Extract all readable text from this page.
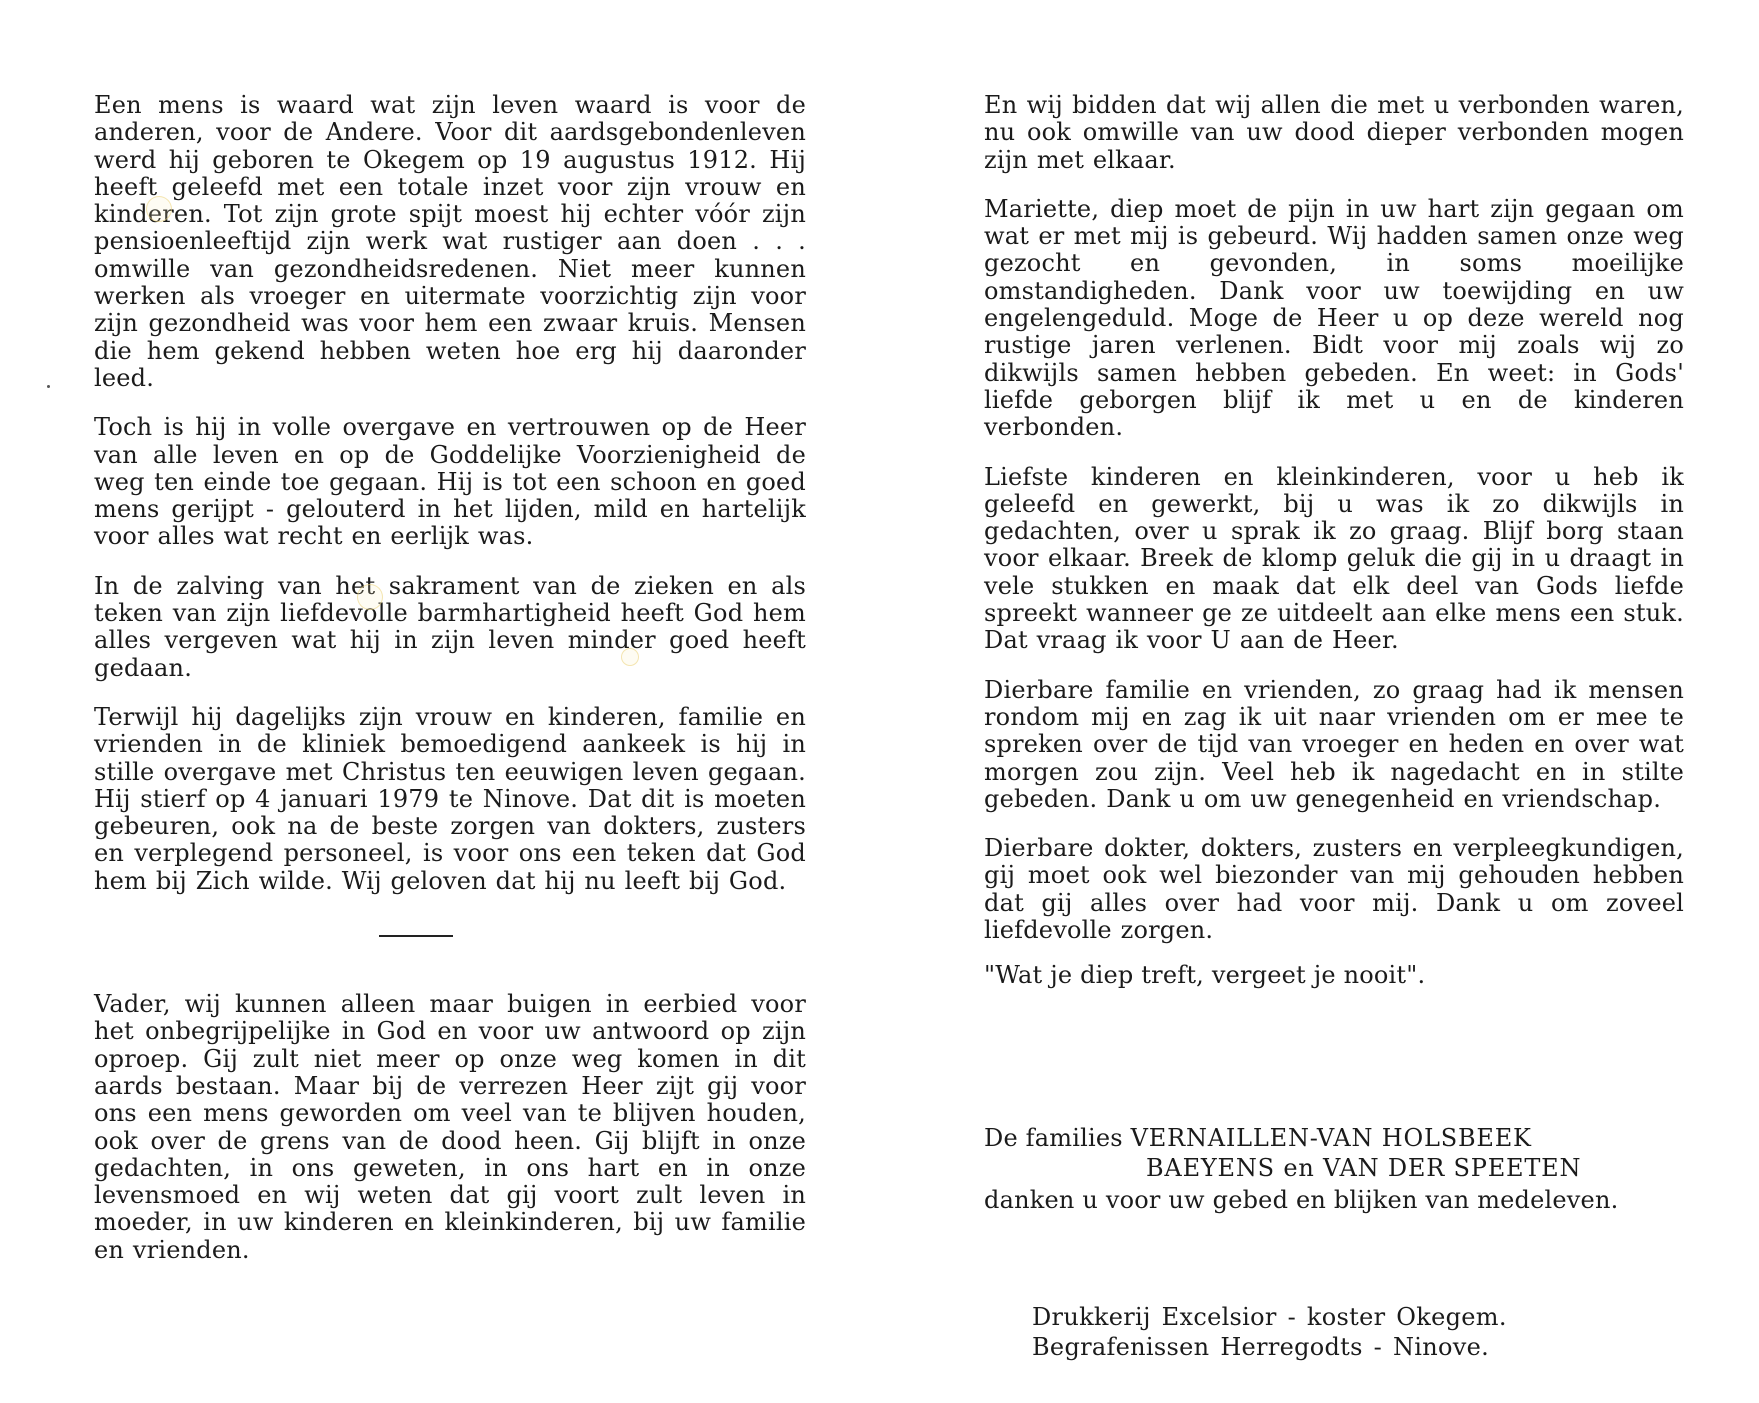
Een mens is waard wat zijn leven waard is voor de anderen, voor de Andere. Voor dit aardsgebondenleven werd hij geboren te Okegem op 19 augustus 1912. Hij heeft geleefd met een totale inzet voor zijn vrouw en kinderen. Tot zijn grote spijt moest hij echter vóór zijn pensioenleeftijd zijn werk wat rustiger aan doen . . . omwille van gezondheidsredenen. Niet meer kunnen werken als vroeger en uitermate voorzichtig zijn voor zijn gezondheid was voor hem een zwaar kruis. Mensen die hem gekend hebben weten hoe erg hij daaronder leed.

Toch is hij in volle overgave en vertrouwen op de Heer van alle leven en op de Goddelijke Voorzienigheid de weg ten einde toe gegaan. Hij is tot een schoon en goed mens gerijpt - gelouterd in het lijden, mild en hartelijk voor alles wat recht en eerlijk was.

In de zalving van het sakrament van de zieken en als teken van zijn liefdevolle barmhartigheid heeft God hem alles vergeven wat hij in zijn leven minder goed heeft gedaan.

Terwijl hij dagelijks zijn vrouw en kinderen, familie en vrienden in de kliniek bemoedigend aankeek is hij in stille overgave met Christus ten eeuwigen leven gegaan. Hij stierf op 4 januari 1979 te Ninove. Dat dit is moeten gebeuren, ook na de beste zorgen van dokters, zusters en verplegend personeel, is voor ons een teken dat God hem bij Zich wilde. Wij geloven dat hij nu leeft bij God.

Vader, wij kunnen alleen maar buigen in eerbied voor het onbegrijpelijke in God en voor uw antwoord op zijn oproep. Gij zult niet meer op onze weg komen in dit aards bestaan. Maar bij de verrezen Heer zijt gij voor ons een mens geworden om veel van te blijven houden, ook over de grens van de dood heen. Gij blijft in onze gedachten, in ons geweten, in ons hart en in onze levensmoed en wij weten dat gij voort zult leven in moeder, in uw kinderen en kleinkinderen, bij uw familie en vrienden.

En wij bidden dat wij allen die met u verbonden waren, nu ook omwille van uw dood dieper verbonden mogen zijn met elkaar.

Mariette, diep moet de pijn in uw hart zijn gegaan om wat er met mij is gebeurd. Wij hadden samen onze weg gezocht en gevonden, in soms moeilijke omstandigheden. Dank voor uw toewijding en uw engelengeduld. Moge de Heer u op deze wereld nog rustige jaren verlenen. Bidt voor mij zoals wij zo dikwijls samen hebben gebeden. En weet: in Gods' liefde geborgen blijf ik met u en de kinderen verbonden.

Liefste kinderen en kleinkinderen, voor u heb ik geleefd en gewerkt, bij u was ik zo dikwijls in gedachten, over u sprak ik zo graag. Blijf borg staan voor elkaar. Breek de klomp geluk die gij in u draagt in vele stukken en maak dat elk deel van Gods liefde spreekt wanneer ge ze uitdeelt aan elke mens een stuk. Dat vraag ik voor U aan de Heer.

Dierbare familie en vrienden, zo graag had ik mensen rondom mij en zag ik uit naar vrienden om er mee te spreken over de tijd van vroeger en heden en over wat morgen zou zijn. Veel heb ik nagedacht en in stilte gebeden. Dank u om uw genegenheid en vriendschap.

Dierbare dokter, dokters, zusters en verpleegkundigen, gij moet ook wel biezonder van mij gehouden hebben dat gij alles over had voor mij. Dank u om zoveel liefdevolle zorgen.

"Wat je diep treft, vergeet je nooit".

De families VERNAILLEN-VAN HOLSBEEK
BAEYENS en VAN DER SPEETEN
danken u voor uw gebed en blijken van medeleven.
Drukkerij Excelsior - koster Okegem.
Begrafenissen Herregodts - Ninove.
